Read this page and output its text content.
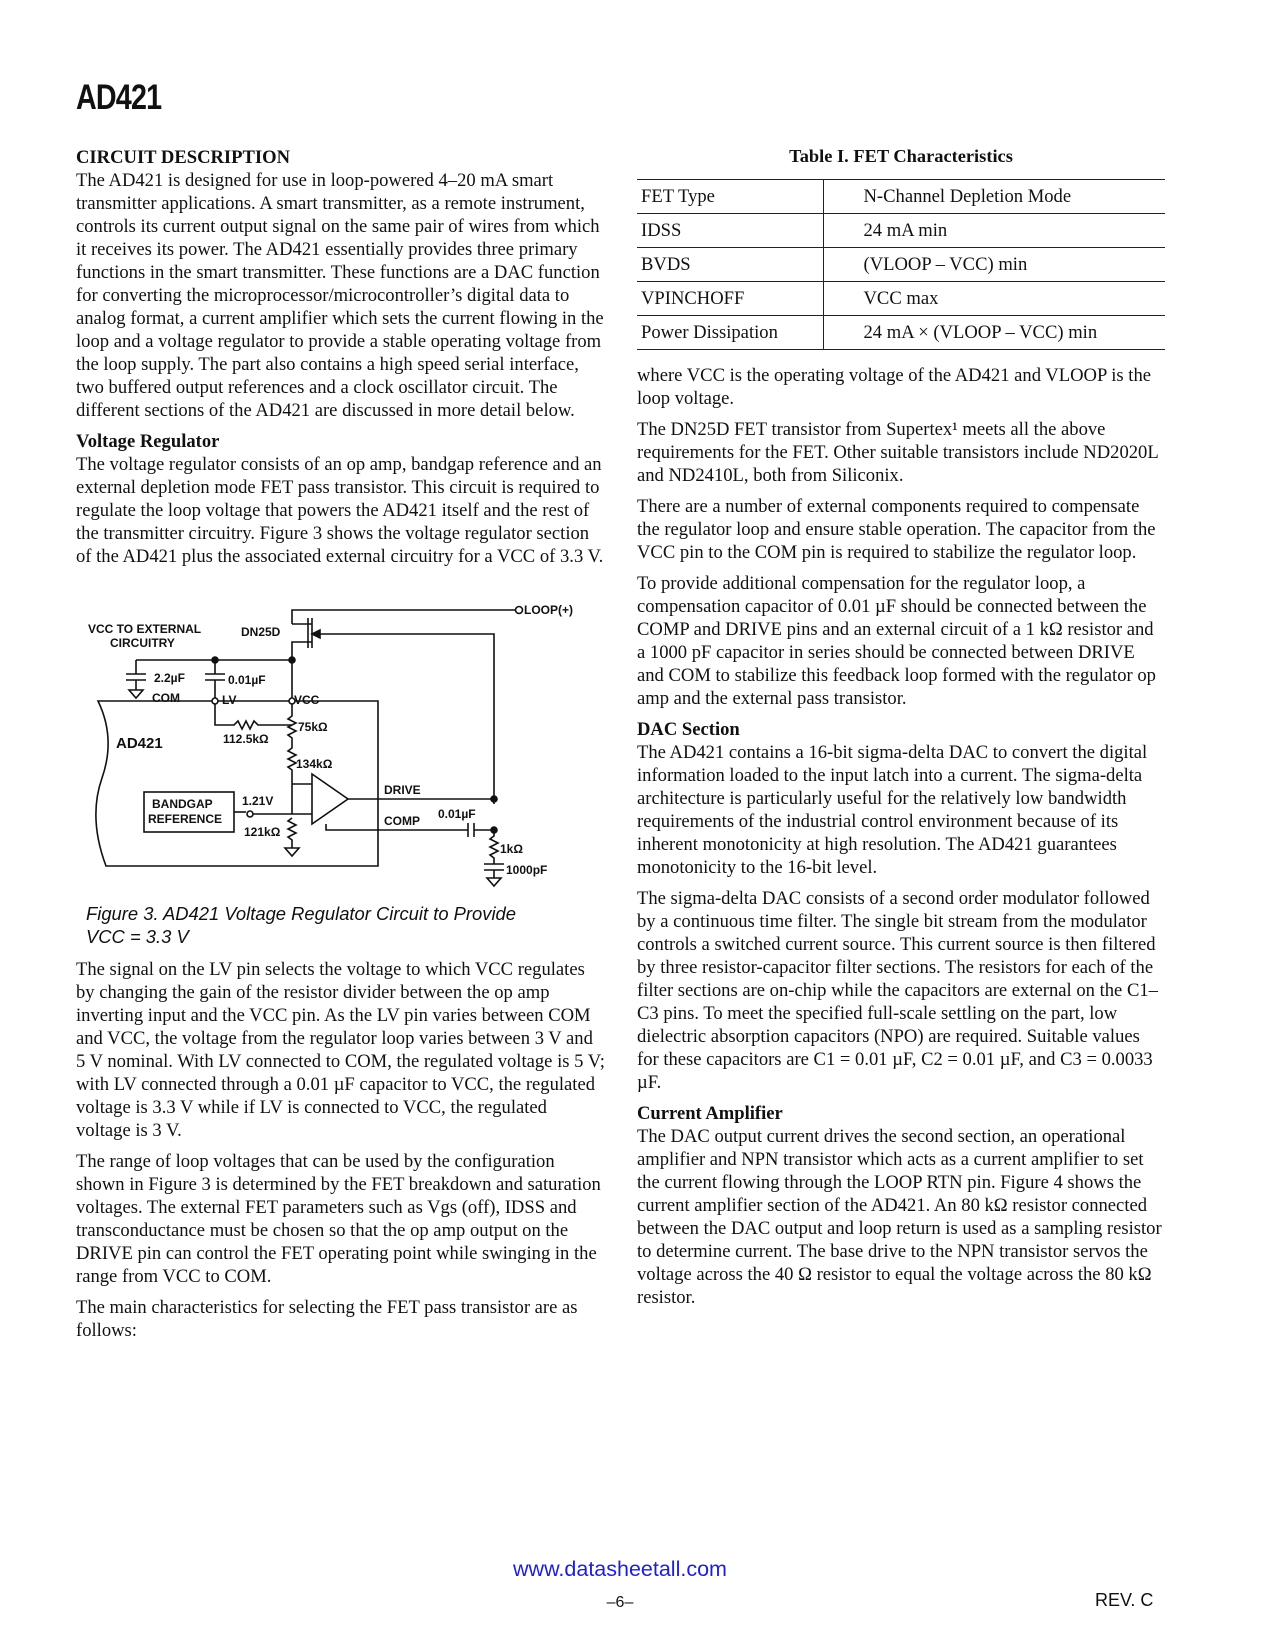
AD421
CIRCUIT DESCRIPTION

The AD421 is designed for use in loop-powered 4–20 mA smart transmitter applications. A smart transmitter, as a remote instrument, controls its current output signal on the same pair of wires from which it receives its power. The AD421 essentially provides three primary functions in the smart transmitter. These functions are a DAC function for converting the microprocessor/microcontroller’s digital data to analog format, a current amplifier which sets the current flowing in the loop and a voltage regulator to provide a stable operating voltage from the loop supply. The part also contains a high speed serial interface, two buffered output references and a clock oscillator circuit. The different sections of the AD421 are discussed in more detail below.

Voltage Regulator

The voltage regulator consists of an op amp, bandgap reference and an external depletion mode FET pass transistor. This circuit is required to regulate the loop voltage that powers the AD421 itself and the rest of the transmitter circuitry. Figure 3 shows the voltage regulator section of the AD421 plus the associated external circuitry for a VCC of 3.3 V.

LOOP(+)
VCC TO EXTERNAL
CIRCUITRY
DN25D
2.2µF
COM
0.01µF
LV	VCC
AD421	112.5kΩ
75kΩ
134kΩ
DRIVE
BANDGAP
REFERENCE
1.21V
121kΩ
COMP 0.01µF
1kΩ
1000pF
Figure 3. AD421 Voltage Regulator Circuit to Provide
VCC = 3.3 V

The signal on the LV pin selects the voltage to which VCC regulates by changing the gain of the resistor divider between the op amp inverting input and the VCC pin. As the LV pin varies between COM and VCC, the voltage from the regulator loop varies between 3 V and 5 V nominal. With LV connected to COM, the regulated voltage is 5 V; with LV connected through a 0.01 µF capacitor to VCC, the regulated voltage is 3.3 V while if LV is connected to VCC, the regulated voltage is 3 V.

The range of loop voltages that can be used by the configuration shown in Figure 3 is determined by the FET breakdown and saturation voltages. The external FET parameters such as Vgs (off), IDSS and transconductance must be chosen so that the op amp output on the DRIVE pin can control the FET operating point while swinging in the range from VCC to COM.

The main characteristics for selecting the FET pass transistor are as follows:

Table I. FET Characteristics
FET Type	N-Channel Depletion Mode
IDSS	24 mA min
BVDS	(VLOOP – VCC) min
VPINCHOFF	VCC max
Power Dissipation	24 mA × (VLOOP – VCC) min

where VCC is the operating voltage of the AD421 and VLOOP is the loop voltage.

The DN25D FET transistor from Supertex¹ meets all the above requirements for the FET. Other suitable transistors include ND2020L and ND2410L, both from Siliconix.

There are a number of external components required to compensate the regulator loop and ensure stable operation. The capacitor from the VCC pin to the COM pin is required to stabilize the regulator loop.

To provide additional compensation for the regulator loop, a compensation capacitor of 0.01 µF should be connected between the COMP and DRIVE pins and an external circuit of a 1 kΩ resistor and a 1000 pF capacitor in series should be connected between DRIVE and COM to stabilize this feedback loop formed with the regulator op amp and the external pass transistor.

DAC Section

The AD421 contains a 16-bit sigma-delta DAC to convert the digital information loaded to the input latch into a current. The sigma-delta architecture is particularly useful for the relatively low bandwidth requirements of the industrial control environment because of its inherent monotonicity at high resolution. The AD421 guarantees monotonicity to the 16-bit level.

The sigma-delta DAC consists of a second order modulator followed by a continuous time filter. The single bit stream from the modulator controls a switched current source. This current source is then filtered by three resistor-capacitor filter sections. The resistors for each of the filter sections are on-chip while the capacitors are external on the C1–C3 pins. To meet the specified full-scale settling on the part, low dielectric absorption capacitors (NPO) are required. Suitable values for these capacitors are C1 = 0.01 µF, C2 = 0.01 µF, and C3 = 0.0033 µF.

Current Amplifier

The DAC output current drives the second section, an operational amplifier and NPN transistor which acts as a current amplifier to set the current flowing through the LOOP RTN pin. Figure 4 shows the current amplifier section of the AD421. An 80 kΩ resistor connected between the DAC output and loop return is used as a sampling resistor to determine current. The base drive to the NPN transistor servos the voltage across the 40 Ω resistor to equal the voltage across the 80 kΩ resistor.

www.datasheetall.com
–6–	REV. C
